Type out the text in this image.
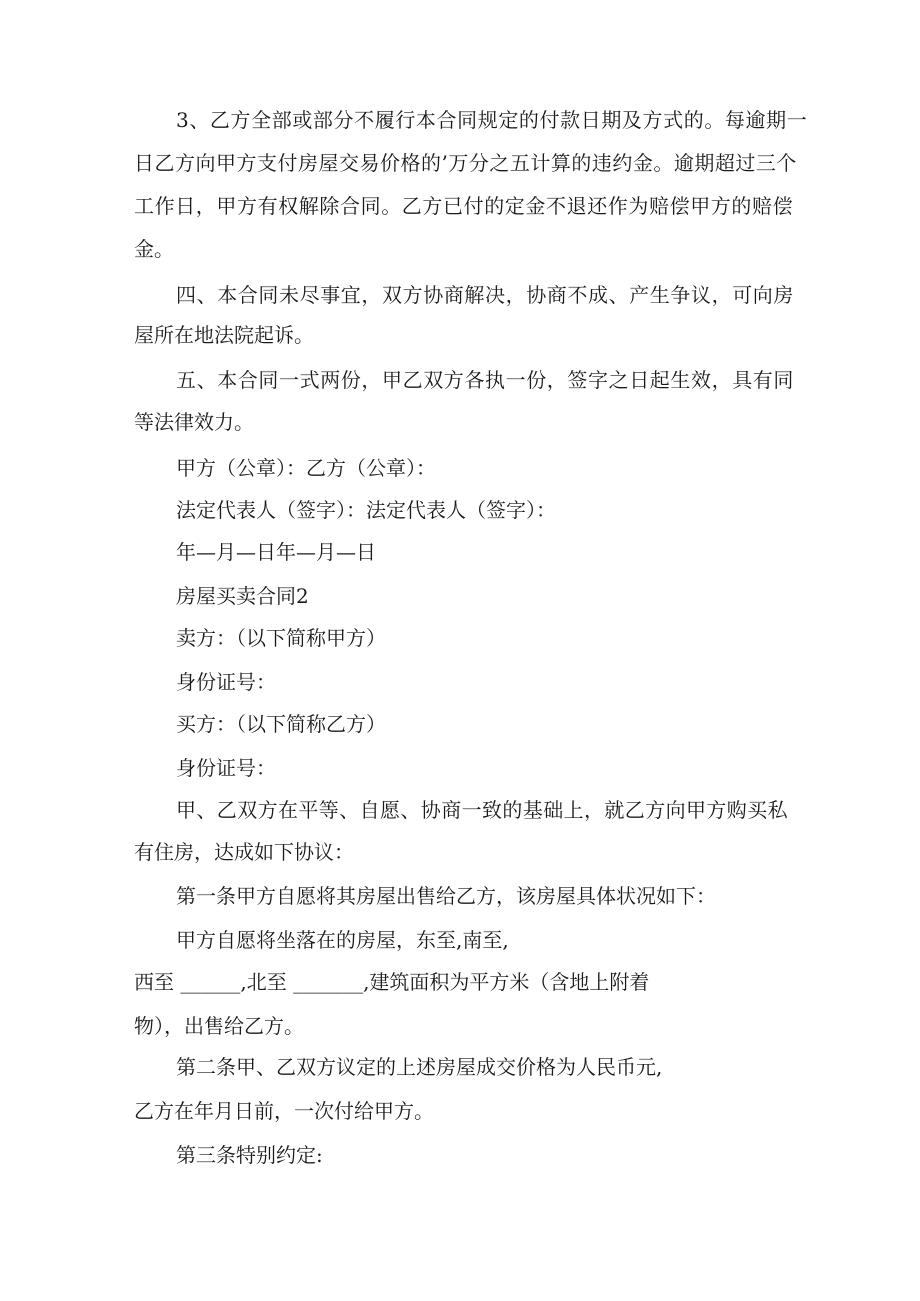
3、乙方全部或部分不履行本合同规定的付款日期及方式的。每逾期一
日乙方向甲方支付房屋交易价格的’万分之五计算的违约金。逾期超过三个
工作日，甲方有权解除合同。乙方已付的定金不退还作为赔偿甲方的赔偿
金。
四、本合同未尽事宜，双方协商解决，协商不成、产生争议，可向房
屋所在地法院起诉。
五、本合同一式两份，甲乙双方各执一份，签字之日起生效，具有同
等法律效力。
甲方（公章）：乙方（公章）：
法定代表人（签字）：法定代表人（签字）：
年—月—日年—月—日
房屋买卖合同2
卖方：（以下简称甲方）
身份证号：
买方：（以下简称乙方）
身份证号：
甲、乙双方在平等、自愿、协商一致的基础上，就乙方向甲方购买私
有住房，达成如下协议：
第一条甲方自愿将其房屋出售给乙方，该房屋具体状况如下：
甲方自愿将坐落在的房屋，东至,南至,
西至 ______,北至 _______,建筑面积为平方米（含地上附着
物），出售给乙方。
第二条甲、乙双方议定的上述房屋成交价格为人民币元,
乙方在年月日前，一次付给甲方。
第三条特别约定:
